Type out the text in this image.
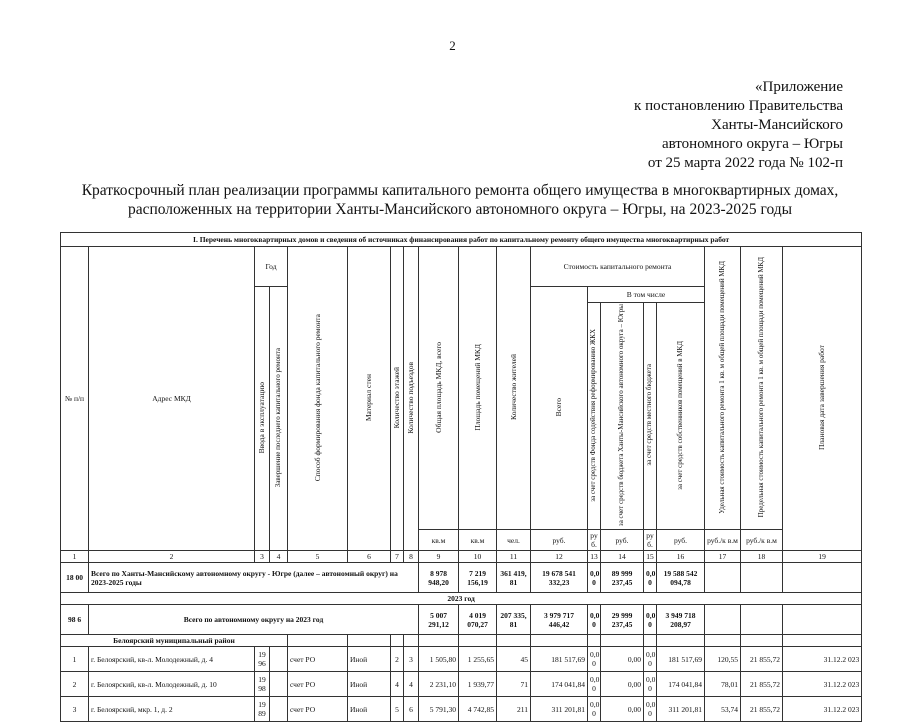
2
«Приложение
к постановлению Правительства
Ханты-Мансийского
автономного округа – Югры
от 25 марта 2022 года № 102-п
Краткосрочный план реализации программы капитального ремонта общего имущества в многоквартирных домах,
расположенных на территории Ханты-Мансийского автономного округа – Югры, на 2023-2025 годы
I. Перечень многоквартирных домов и сведения об источниках финансирования работ по капитальному ремонту общего имущества многоквартирных работ																		
№ п/п	Адрес МКД	Год		Способ формирования фонда капитального ремонта	Материал стен	Количество этажей	Количество подъездов	Общая площадь МКД, всего	Площадь помещений МКД	Количество жителей	Стоимость капитального ремонта					Удельная стоимость капитального ремонта 1 кв. м общей площади помещений МКД	Предельная стоимость капитального ремонта 1 кв. м общей площади помещений МКД	Плановая дата завершения работ
		Ввода в эксплуатацию	Завершение последнего капитального ремонта								Всего	В том числе						
												за счет средств Фонда содействия реформированию ЖКХ	за счет средств бюджета Ханты-Мансийского автономного округа – Югры	за счет средств местного бюджета	за счет средств собственников помещений в МКД			
								кв.м	кв.м	чел.	руб.	ру б.	руб.	ру б.	руб.	руб./к в.м	руб./к в.м	
1	2	3	4	5	6	7	8	9	10	11	12	13	14	15	16	17	18	19
18 00	Всего по Ханты-Мансийскому автономному округу - Югре (далее – автономный округ) на 2023-2025 годы							8 978 948,20	7 219 156,19	361 419, 81	19 678 541 332,23	0,0 0	89 999 237,45	0,0 0	19 588 542 094,78			
2023 год																		
98 6	Всего по автономному округу на 2023 год							5 007 291,12	4 019 070,27	207 335, 81	3 979 717 446,42	0,0 0	29 999 237,45	0,0 0	3 949 718 208,97			
Белоярский муниципальный район																		
1	г. Белоярский, кв-л. Молодежный, д. 4	19 96		счет РО	Иной	2	3	1 505,80	1 255,65	45	181 517,69	0,0 0	0,00	0,0 0	181 517,69	120,55	21 855,72	31.12.2 023
2	г. Белоярский, кв-л. Молодежный, д. 10	19 98		счет РО	Иной	4	4	2 231,10	1 939,77	71	174 041,84	0,0 0	0,00	0,0 0	174 041,84	78,01	21 855,72	31.12.2 023
3	г. Белоярский, мкр. 1, д. 2	19 89		счет РО	Иной	5	6	5 791,30	4 742,85	211	311 201,81	0,0 0	0,00	0,0 0	311 201,81	53,74	21 855,72	31.12.2 023
